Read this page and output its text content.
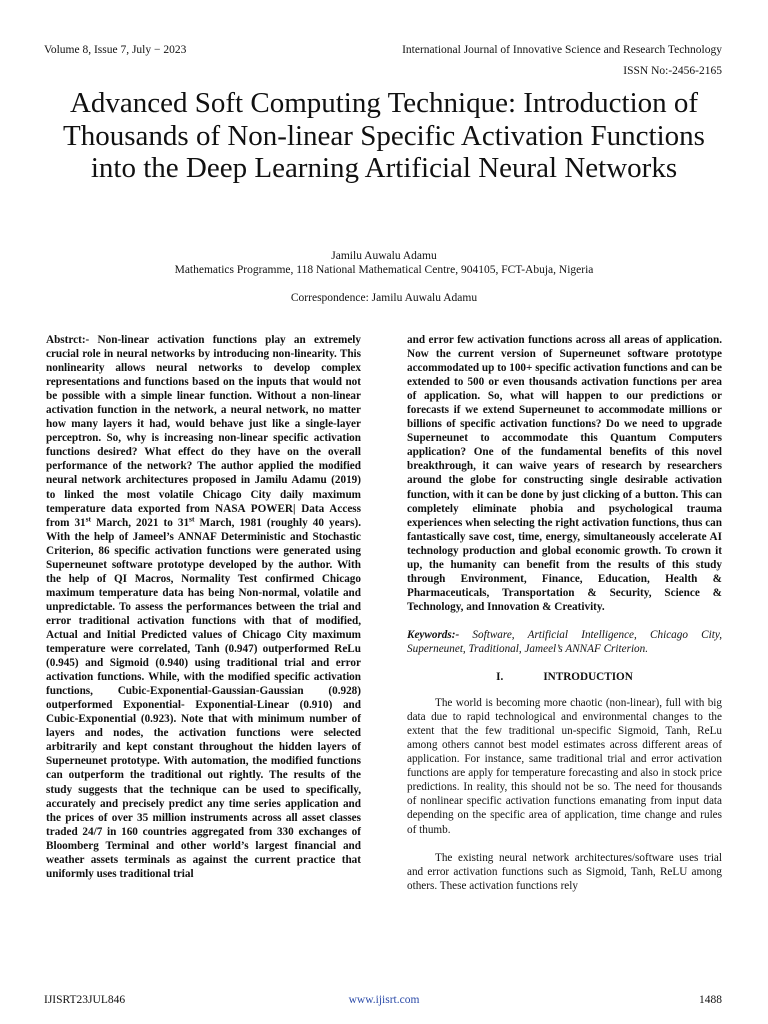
Volume 8, Issue 7, July − 2023	International Journal of Innovative Science and Research Technology
ISSN No:-2456-2165
Advanced Soft Computing Technique: Introduction of Thousands of Non-linear Specific Activation Functions into the Deep Learning Artificial Neural Networks
Jamilu Auwalu Adamu
Mathematics Programme, 118 National Mathematical Centre, 904105, FCT-Abuja, Nigeria
Correspondence: Jamilu Auwalu Adamu

Abstrct:- Non-linear activation functions play an extremely crucial role in neural networks by introducing non-linearity. This nonlinearity allows neural networks to develop complex representations and functions based on the inputs that would not be possible with a simple linear function. Without a non-linear activation function in the network, a neural network, no matter how many layers it had, would behave just like a single-layer perceptron. So, why is increasing non-linear specific activation functions desired? What effect do they have on the overall performance of the network? The author applied the modified neural network architectures proposed in Jamilu Adamu (2019) to linked the most volatile Chicago City daily maximum temperature data exported from NASA POWER| Data Access from 31st March, 2021 to 31st March, 1981 (roughly 40 years). With the help of Jameel’s ANNAF Deterministic and Stochastic Criterion, 86 specific activation functions were generated using Superneunet software prototype developed by the author. With the help of QI Macros, Normality Test confirmed Chicago maximum temperature data has being Non-normal, volatile and unpredictable. To assess the performances between the trial and error traditional activation functions with that of modified, Actual and Initial Predicted values of Chicago City maximum temperature were correlated, Tanh (0.947) outperformed ReLu (0.945) and Sigmoid (0.940) using traditional trial and error activation functions. While, with the modified specific activation functions, Cubic-Exponential-Gaussian-Gaussian (0.928) outperformed Exponential- Exponential-Linear (0.910) and Cubic-Exponential (0.923). Note that with minimum number of layers and nodes, the activation functions were selected arbitrarily and kept constant throughout the hidden layers of Superneunet prototype. With automation, the modified functions can outperform the traditional out rightly. The results of the study suggests that the technique can be used to specifically, accurately and precisely predict any time series application and the prices of over 35 million instruments across all asset classes traded 24/7 in 160 countries aggregated from 330 exchanges of Bloomberg Terminal and other world’s largest financial and weather assets terminals as against the current practice that uniformly uses traditional trial

and error few activation functions across all areas of application. Now the current version of Superneunet software prototype accommodated up to 100+ specific activation functions and can be extended to 500 or even thousands activation functions per area of application. So, what will happen to our predictions or forecasts if we extend Superneunet to accommodate millions or billions of specific activation functions? Do we need to upgrade Superneunet to accommodate this Quantum Computers application? One of the fundamental benefits of this novel breakthrough, it can waive years of research by researchers around the globe for constructing single desirable activation function, with it can be done by just clicking of a button. This can completely eliminate phobia and psychological trauma experiences when selecting the right activation functions, thus can fantastically save cost, time, energy, simultaneously accelerate AI technology production and global economic growth. To crown it up, the humanity can benefit from the results of this study through Environment, Finance, Education, Health & Pharmaceuticals, Transportation & Security, Science & Technology, and Innovation & Creativity.

Keywords:- Software, Artificial Intelligence, Chicago City, Superneunet, Traditional, Jameel’s ANNAF Criterion.

I.	INTRODUCTION

The world is becoming more chaotic (non-linear), full with big data due to rapid technological and environmental changes to the extent that the few traditional un-specific Sigmoid, Tanh, ReLu among others cannot best model estimates across different areas of application. For instance, same traditional trial and error activation functions are apply for temperature forecasting and also in stock price predictions. In reality, this should not be so. The need for thousands of nonlinear specific activation functions emanating from input data depending on the specific area of application, time change and rules of thumb.

The existing neural network architectures/software uses trial and error activation functions such as Sigmoid, Tanh, ReLU among others. These activation functions rely

IJISRT23JUL846	www.ijisrt.com	1488
